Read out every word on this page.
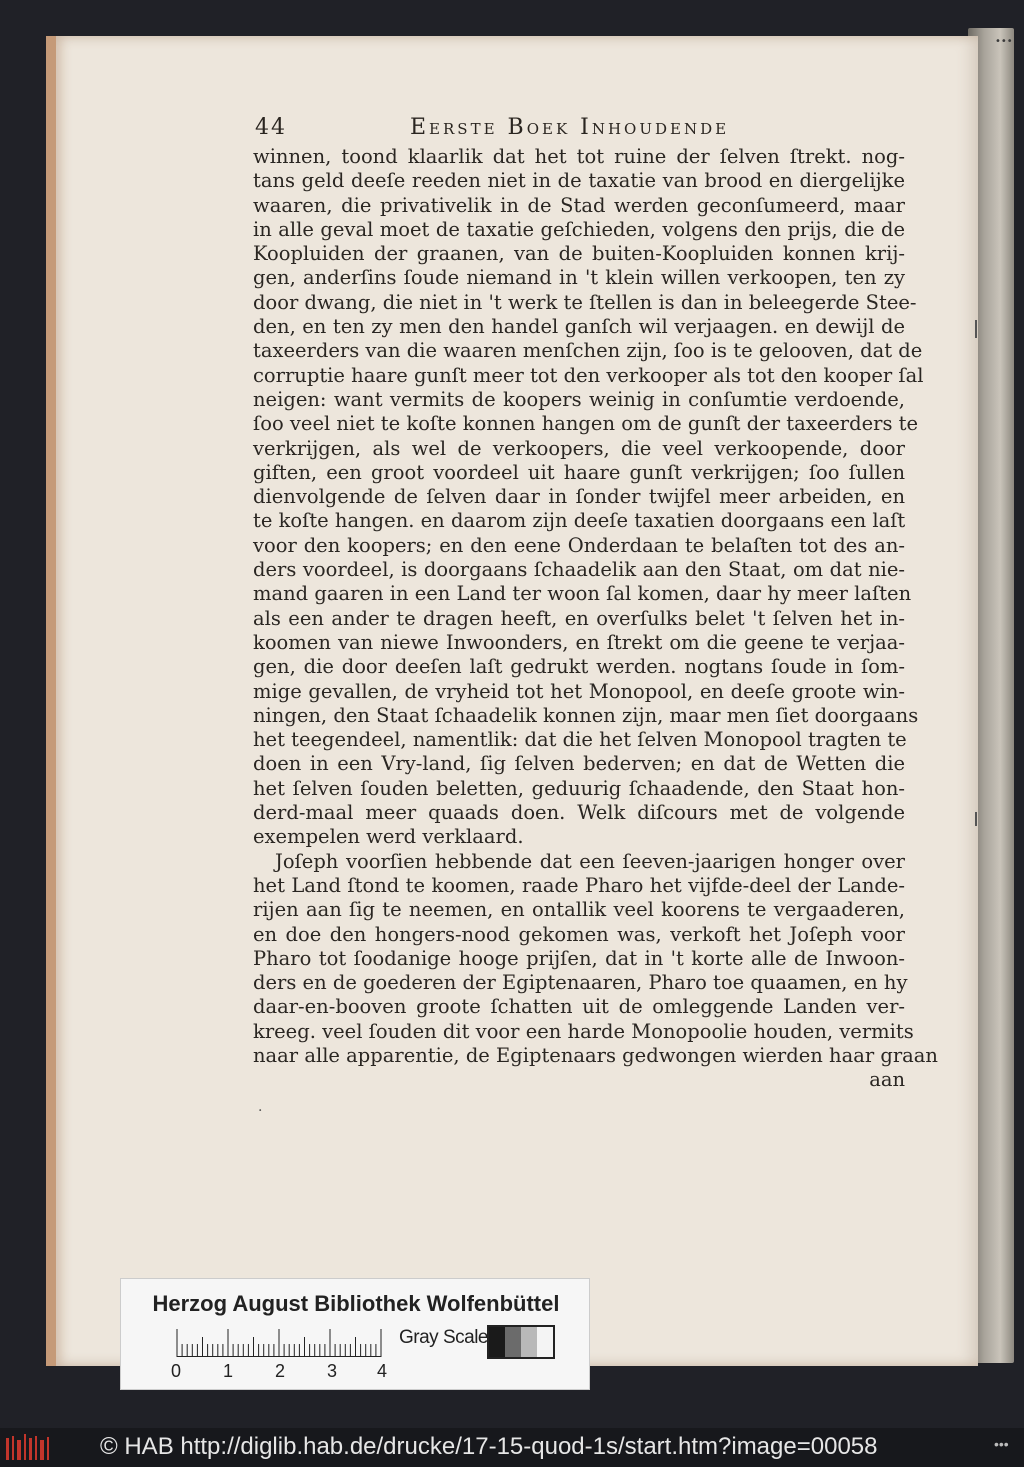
•••
44	Eerste Boek Inhoudende
winnen, toond klaarlik dat het tot ruine der ſelven ſtrekt. nog-
tans geld deeſe reeden niet in de taxatie van brood en diergelijke
waaren, die privativelik in de Stad werden geconſumeerd, maar
in alle geval moet de taxatie geſchieden, volgens den prijs, die de
Koopluiden der graanen, van de buiten-Koopluiden konnen krij-
gen, anderſins ſoude niemand in 't klein willen verkoopen, ten zy
door dwang, die niet in 't werk te ſtellen is dan in beleegerde Stee-
den, en ten zy men den handel ganſch wil verjaagen. en dewijl de
taxeerders van die waaren menſchen zijn, ſoo is te gelooven, dat de
corruptie haare gunſt meer tot den verkooper als tot den kooper ſal
neigen: want vermits de koopers weinig in conſumtie verdoende,
ſoo veel niet te koſte konnen hangen om de gunſt der taxeerders te
verkrijgen, als wel de verkoopers, die veel verkoopende, door
giften, een groot voordeel uit haare gunſt verkrijgen; ſoo ſullen
dienvolgende de ſelven daar in ſonder twijfel meer arbeiden, en
te koſte hangen. en daarom zijn deeſe taxatien doorgaans een laſt
voor den koopers; en den eene Onderdaan te belaſten tot des an-
ders voordeel, is doorgaans ſchaadelik aan den Staat, om dat nie-
mand gaaren in een Land ter woon ſal komen, daar hy meer laſten
als een ander te dragen heeft, en overſulks belet 't ſelven het in-
koomen van niewe Inwoonders, en ſtrekt om die geene te verjaa-
gen, die door deeſen laſt gedrukt werden. nogtans ſoude in ſom-
mige gevallen, de vryheid tot het Monopool, en deeſe groote win-
ningen, den Staat ſchaadelik konnen zijn, maar men ſiet doorgaans
het teegendeel, namentlik: dat die het ſelven Monopool tragten te
doen in een Vry-land, ſig ſelven bederven; en dat de Wetten die
het ſelven ſouden beletten, geduurig ſchaadende, den Staat hon-
derd-maal meer quaads doen. Welk diſcours met de volgende
exempelen werd verklaard.
Joſeph voorſien hebbende dat een ſeeven-jaarigen honger over
het Land ſtond te koomen, raade Pharo het vijfde-deel der Lande-
rijen aan ſig te neemen, en ontallik veel koorens te vergaaderen,
en doe den hongers-nood gekomen was, verkoft het Joſeph voor
Pharo tot ſoodanige hooge prijſen, dat in 't korte alle de Inwoon-
ders en de goederen der Egiptenaaren, Pharo toe quaamen, en hy
daar-en-booven groote ſchatten uit de omleggende Landen ver-
kreeg. veel ſouden dit voor een harde Monopoolie houden, vermits
naar alle apparentie, de Egiptenaars gedwongen wierden haar graan
aan
·
Herzog August Bibliothek Wolfenbüttel
0 1 2 3 4
Gray Scale
© HAB http://diglib.hab.de/drucke/17-15-quod-1s/start.htm?image=00058	•••
